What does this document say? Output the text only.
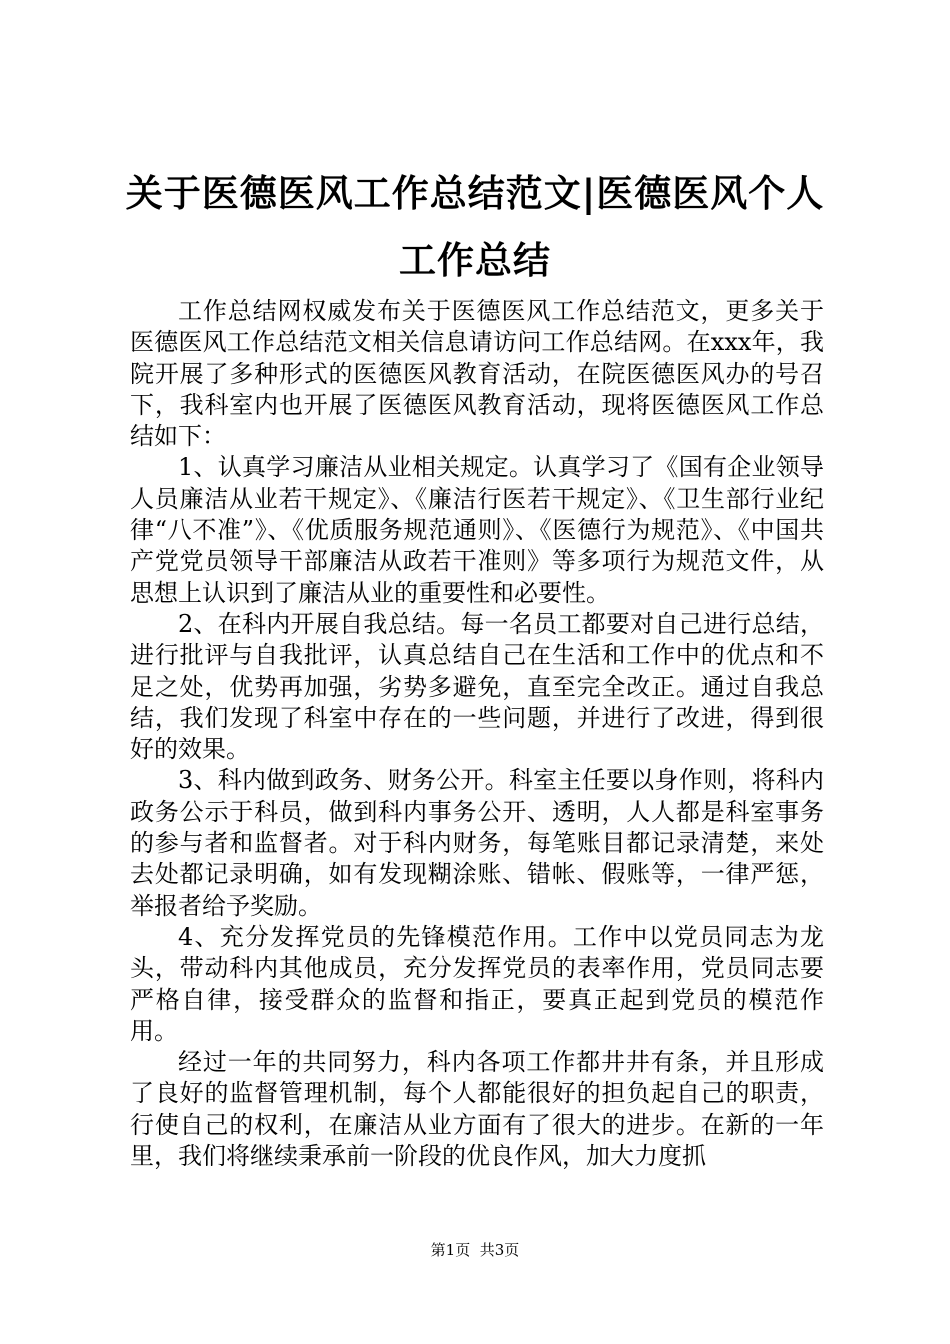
关于医德医风工作总结范文|医德医风个人工作总结

工作总结网权威发布关于医德医风工作总结范文，更多关于医德医风工作总结范文相关信息请访问工作总结网。在xxx年，我院开展了多种形式的医德医风教育活动，在院医德医风办的号召下，我科室内也开展了医德医风教育活动，现将医德医风工作总结如下：

1、认真学习廉洁从业相关规定。认真学习了《国有企业领导人员廉洁从业若干规定》、《廉洁行医若干规定》、《卫生部行业纪律“八不准”》、《优质服务规范通则》、《医德行为规范》、《中国共产党党员领导干部廉洁从政若干准则》等多项行为规范文件，从思想上认识到了廉洁从业的重要性和必要性。

2、在科内开展自我总结。每一名员工都要对自己进行总结，进行批评与自我批评，认真总结自己在生活和工作中的优点和不足之处，优势再加强，劣势多避免，直至完全改正。通过自我总结，我们发现了科室中存在的一些问题，并进行了改进，得到很好的效果。

3、科内做到政务、财务公开。科室主任要以身作则，将科内政务公示于科员，做到科内事务公开、透明，人人都是科室事务的参与者和监督者。对于科内财务，每笔账目都记录清楚，来处去处都记录明确，如有发现糊涂账、错帐、假账等，一律严惩，举报者给予奖励。

4、充分发挥党员的先锋模范作用。工作中以党员同志为龙头，带动科内其他成员，充分发挥党员的表率作用，党员同志要严格自律，接受群众的监督和指正，要真正起到党员的模范作用。

经过一年的共同努力，科内各项工作都井井有条，并且形成了良好的监督管理机制，每个人都能很好的担负起自己的职责，行使自己的权利，在廉洁从业方面有了很大的进步。在新的一年里，我们将继续秉承前一阶段的优良作风，加大力度抓

第1页 共3页
